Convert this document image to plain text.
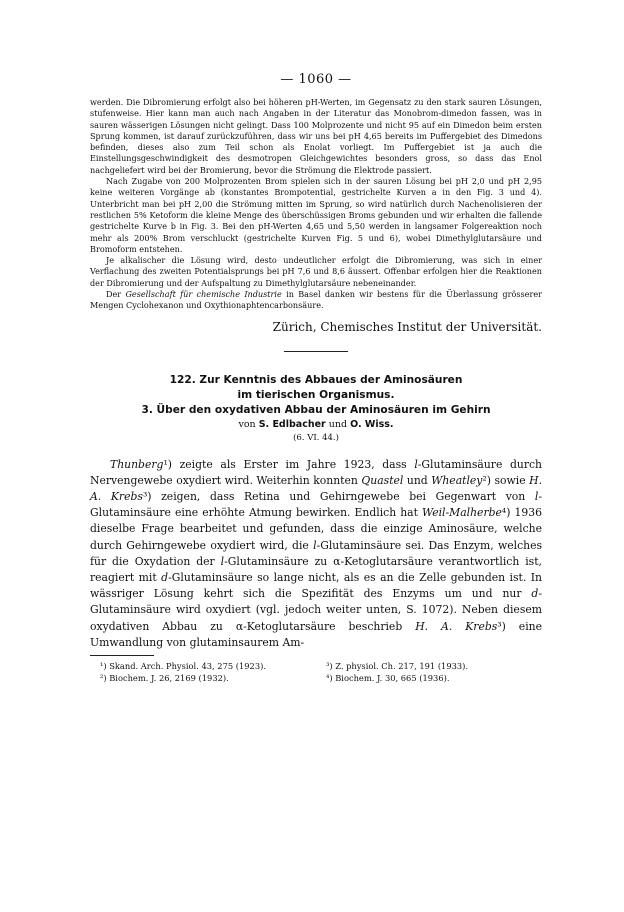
— 1060 —

werden. Die Dibromierung erfolgt also bei höheren pH-Werten, im Gegensatz zu den stark sauren Lösungen, stufenweise. Hier kann man auch nach Angaben in der Literatur das Monobrom-dimedon fassen, was in sauren wässerigen Lösungen nicht gelingt. Dass 100 Molprozente und nicht 95 auf ein Dimedon beim ersten Sprung kommen, ist darauf zurückzuführen, dass wir uns bei pH 4,65 bereits im Puffergebiet des Dimedons befinden, dieses also zum Teil schon als Enolat vorliegt. Im Puffergebiet ist ja auch die Einstellungsgeschwindigkeit des desmotropen Gleichgewichtes besonders gross, so dass das Enol nachgeliefert wird bei der Bromierung, bevor die Strömung die Elektrode passiert.

Nach Zugabe von 200 Molprozenten Brom spielen sich in der sauren Lösung bei pH 2,0 und pH 2,95 keine weiteren Vorgänge ab (konstantes Brompotential, gestrichelte Kurven a in den Fig. 3 und 4). Unterbricht man bei pH 2,00 die Strömung mitten im Sprung, so wird natürlich durch Nachenolisieren der restlichen 5% Ketoform die kleine Menge des überschüssigen Broms gebunden und wir erhalten die fallende gestrichelte Kurve b in Fig. 3. Bei den pH-Werten 4,65 und 5,50 werden in langsamer Folgereaktion noch mehr als 200% Brom verschluckt (gestrichelte Kurven Fig. 5 und 6), wobei Dimethylglutarsäure und Bromoform entstehen.

Je alkalischer die Lösung wird, desto undeutlicher erfolgt die Dibromierung, was sich in einer Verflachung des zweiten Potentialsprungs bei pH 7,6 und 8,6 äussert. Offenbar erfolgen hier die Reaktionen der Dibromierung und der Aufspaltung zu Dimethylglutarsäure nebeneinander.

Der Gesellschaft für chemische Industrie in Basel danken wir bestens für die Überlassung grösserer Mengen Cyclohexanon und Oxythionaphtencarbonsäure.

Zürich, Chemisches Institut der Universität.

122. Zur Kenntnis des Abbaues der Aminosäuren

im tierischen Organismus.

3. Über den oxydativen Abbau der Aminosäuren im Gehirn

von S. Edlbacher und O. Wiss.

(6. VI. 44.)

Thunberg¹) zeigte als Erster im Jahre 1923, dass l-Glutaminsäure durch Nervengewebe oxydiert wird. Weiterhin konnten Quastel und Wheatley²) sowie H. A. Krebs³) zeigen, dass Retina und Gehirngewebe bei Gegenwart von l-Glutaminsäure eine erhöhte Atmung bewirken. Endlich hat Weil-Malherbe⁴) 1936 dieselbe Frage bearbeitet und gefunden, dass die einzige Aminosäure, welche durch Gehirngewebe oxydiert wird, die l-Glutaminsäure sei. Das Enzym, welches für die Oxydation der l-Glutaminsäure zu α-Ketoglutarsäure verantwortlich ist, reagiert mit d-Glutaminsäure so lange nicht, als es an die Zelle gebunden ist. In wässriger Lösung kehrt sich die Spezifität des Enzyms um und nur d-Glutaminsäure wird oxydiert (vgl. jedoch weiter unten, S. 1072). Neben diesem oxydativen Abbau zu α-Ketoglutarsäure beschrieb H. A. Krebs³) eine Umwandlung von glutaminsaurem Am-

¹) Skand. Arch. Physiol. 43, 275 (1923).	³) Z. physiol. Ch. 217, 191 (1933).
²) Biochem. J. 26, 2169 (1932).	⁴) Biochem. J. 30, 665 (1936).
